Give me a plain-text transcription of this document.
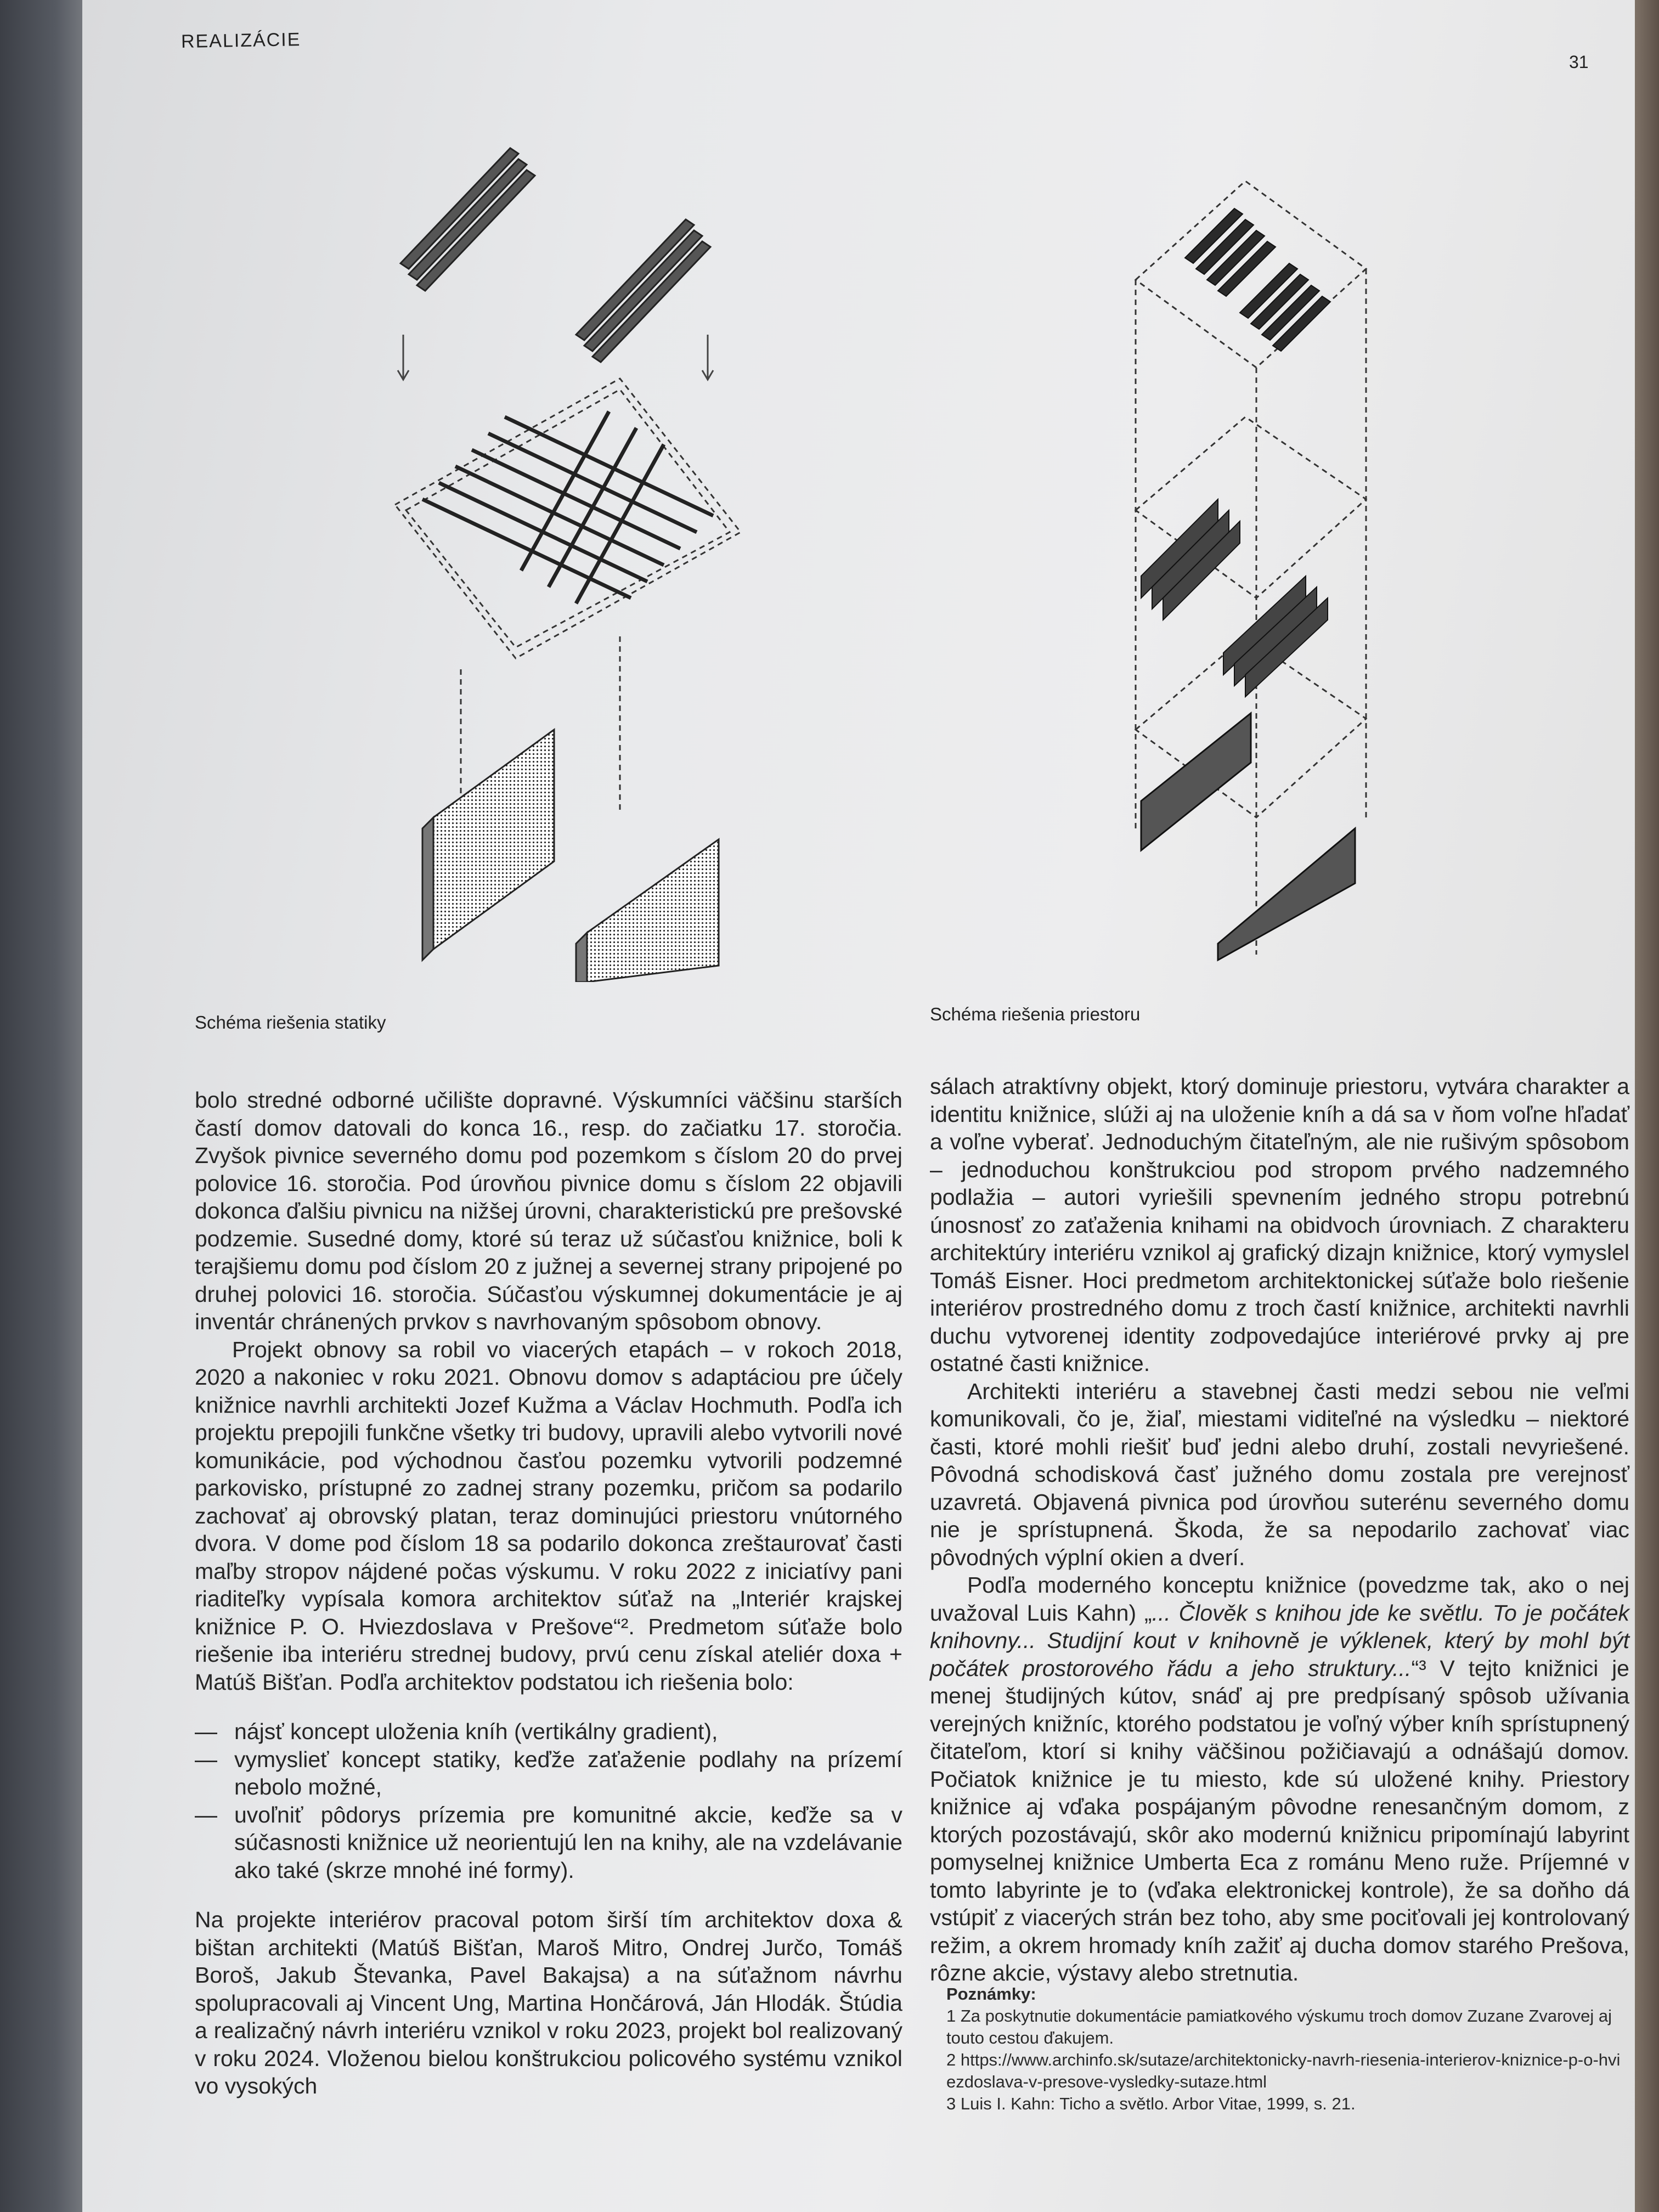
REALIZÁCIE
31
Schéma riešenia statiky	Schéma riešenia priestoru

bolo stredné odborné učilište dopravné. Výskumníci väčšinu starších častí domov datovali do konca 16., resp. do začiatku 17. storočia. Zvyšok pivnice severného domu pod pozemkom s číslom 20 do prvej polovice 16. storočia. Pod úrovňou pivnice domu s číslom 22 objavili dokonca ďalšiu pivnicu na nižšej úrovni, charakteristickú pre prešovské podzemie. Susedné domy, ktoré sú teraz už súčasťou knižnice, boli k terajšiemu domu pod číslom 20 z južnej a severnej strany pripojené po druhej polovici 16. storočia. Súčasťou výskumnej dokumentácie je aj inventár chránených prvkov s navrhovaným spôsobom obnovy.

Projekt obnovy sa robil vo viacerých etapách – v rokoch 2018, 2020 a nakoniec v roku 2021. Obnovu domov s adaptáciou pre účely knižnice navrhli architekti Jozef Kužma a Václav Hochmuth. Podľa ich projektu prepojili funkčne všetky tri budovy, upravili alebo vytvorili nové komunikácie, pod východnou časťou pozemku vytvorili podzemné parkovisko, prístupné zo zadnej strany pozemku, pričom sa podarilo zachovať aj obrovský platan, teraz dominujúci priestoru vnútorného dvora. V dome pod číslom 18 sa podarilo dokonca zreštaurovať časti maľby stropov nájdené počas výskumu. V roku 2022 z iniciatívy pani riaditeľky vypísala komora architektov súťaž na „Interiér krajskej knižnice P. O. Hviezdoslava v Prešove“². Predmetom súťaže bolo riešenie iba interiéru strednej budovy, prvú cenu získal ateliér doxa + Matúš Bišťan. Podľa architektov podstatou ich riešenia bolo:

— nájsť koncept uloženia kníh (vertikálny gradient),
— vymyslieť koncept statiky, keďže zaťaženie podlahy na prízemí nebolo možné,
— uvoľniť pôdorys prízemia pre komunitné akcie, keďže sa v súčasnosti knižnice už neorientujú len na knihy, ale na vzdelávanie ako také (skrze mnohé iné formy).

Na projekte interiérov pracoval potom širší tím architektov doxa & bištan architekti (Matúš Bišťan, Maroš Mitro, Ondrej Jurčo, Tomáš Boroš, Jakub Števanka, Pavel Bakajsa) a na súťažnom návrhu spolupracovali aj Vincent Ung, Martina Hončárová, Ján Hlodák. Štúdia a realizačný návrh interiéru vznikol v roku 2023, projekt bol realizovaný v roku 2024. Vloženou bielou konštrukciou policového systému vznikol vo vysokých

sálach atraktívny objekt, ktorý dominuje priestoru, vytvára charakter a identitu knižnice, slúži aj na uloženie kníh a dá sa v ňom voľne hľadať a voľne vyberať. Jednoduchým čitateľným, ale nie rušivým spôsobom – jednoduchou konštrukciou pod stropom prvého nadzemného podlažia – autori vyriešili spevnením jedného stropu potrebnú únosnosť zo zaťaženia knihami na obidvoch úrovniach. Z charakteru architektúry interiéru vznikol aj grafický dizajn knižnice, ktorý vymyslel Tomáš Eisner. Hoci predmetom architektonickej súťaže bolo riešenie interiérov prostredného domu z troch častí knižnice, architekti navrhli duchu vytvorenej identity zodpovedajúce interiérové prvky aj pre ostatné časti knižnice.

Architekti interiéru a stavebnej časti medzi sebou nie veľmi komunikovali, čo je, žiaľ, miestami viditeľné na výsledku – niektoré časti, ktoré mohli riešiť buď jedni alebo druhí, zostali nevyriešené. Pôvodná schodisková časť južného domu zostala pre verejnosť uzavretá. Objavená pivnica pod úrovňou suterénu severného domu nie je sprístupnená. Škoda, že sa nepodarilo zachovať viac pôvodných výplní okien a dverí.

Podľa moderného konceptu knižnice (povedzme tak, ako o nej uvažoval Luis Kahn) „... Člověk s knihou jde ke světlu. To je počátek knihovny... Studijní kout v knihovně je výklenek, který by mohl být počátek prostorového řádu a jeho struktury...“³ V tejto knižnici je menej študijných kútov, snáď aj pre predpísaný spôsob užívania verejných knižníc, ktorého podstatou je voľný výber kníh sprístupnený čitateľom, ktorí si knihy väčšinou požičiavajú a odnášajú domov. Počiatok knižnice je tu miesto, kde sú uložené knihy. Priestory knižnice aj vďaka pospájaným pôvodne renesančným domom, z ktorých pozostávajú, skôr ako modernú knižnicu pripomínajú labyrint pomyselnej knižnice Umberta Eca z románu Meno ruže. Príjemné v tomto labyrinte je to (vďaka elektronickej kontrole), že sa doňho dá vstúpiť z viacerých strán bez toho, aby sme pociťovali jej kontrolovaný režim, a okrem hromady kníh zažiť aj ducha domov starého Prešova, rôzne akcie, výstavy alebo stretnutia.

Poznámky:
1 Za poskytnutie dokumentácie pamiatkového výskumu troch domov Zuzane Zvarovej aj touto cestou ďakujem.
2 https://www.archinfo.sk/sutaze/architektonicky-navrh-riesenia-interierov-kniznice-p-o-hviezdoslava-v-presove-vysledky-sutaze.html
3 Luis I. Kahn: Ticho a světlo. Arbor Vitae, 1999, s. 21.
